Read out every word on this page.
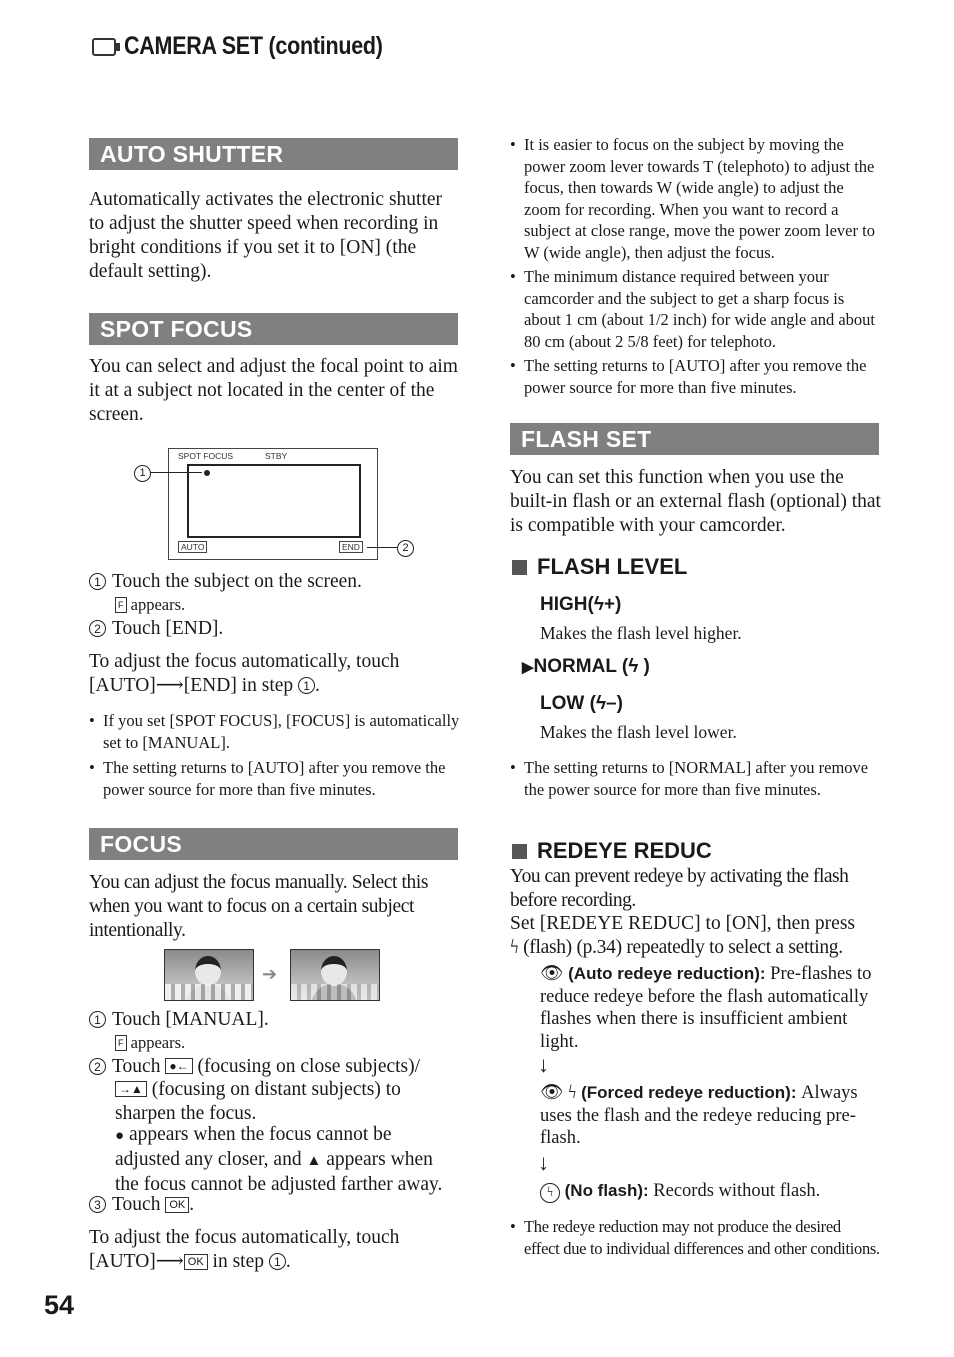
CAMERA SET (continued)
AUTO SHUTTER
Automatically activates the electronic shutter to adjust the shutter speed when recording in bright conditions if you set it to [ON] (the default setting).
SPOT FOCUS
You can select and adjust the focal point to aim it at a subject not located in the center of the screen.
SPOT FOCUS	STBY
AUTO	END
1
2
1 Touch the subject on the screen.
F appears.
2 Touch [END].
To adjust the focus automatically, touch
[AUTO]⟶[END] in step 1 .
• If you set [SPOT FOCUS], [FOCUS] is automatically set to [MANUAL].
• The setting returns to [AUTO] after you remove the power source for more than five minutes.
FOCUS
You can adjust the focus manually. Select this when you want to focus on a certain subject intentionally.
➔
1 Touch [MANUAL].
F appears.
2 Touch ●← (focusing on close subjects)/
→▲ (focusing on distant subjects) to sharpen the focus.
● appears when the focus cannot be adjusted any closer, and ▲ appears when the focus cannot be adjusted farther away.
3 Touch OK .
To adjust the focus automatically, touch
[AUTO]⟶ OK in step 1 .
• It is easier to focus on the subject by moving the power zoom lever towards T (telephoto) to adjust the focus, then towards W (wide angle) to adjust the zoom for recording. When you want to record a subject at close range, move the power zoom lever to W (wide angle), then adjust the focus.
• The minimum distance required between your camcorder and the subject to get a sharp focus is about 1 cm (about 1/2 inch) for wide angle and about 80 cm (about 2 5/8 feet) for telephoto.
• The setting returns to [AUTO] after you remove the power source for more than five minutes.
FLASH SET
You can set this function when you use the built-in flash or an external flash (optional) that is compatible with your camcorder.
FLASH LEVEL
HIGH(ϟ+)
Makes the flash level higher.
▶NORMAL (ϟ )
LOW (ϟ–)
Makes the flash level lower.
• The setting returns to [NORMAL] after you remove the power source for more than five minutes.
REDEYE REDUC
You can prevent redeye by activating the flash before recording.
Set [REDEYE REDUC] to [ON], then press
ϟ (flash) (p.34) repeatedly to select a setting.
👁 (Auto redeye reduction): Pre-flashes to reduce redeye before the flash automatically flashes when there is insufficient ambient light.
↓
👁 ϟ (Forced redeye reduction): Always uses the flash and the redeye reducing pre-flash.
↓
ϟ (No flash): Records without flash.
• The redeye reduction may not produce the desired effect due to individual differences and other conditions.
54
